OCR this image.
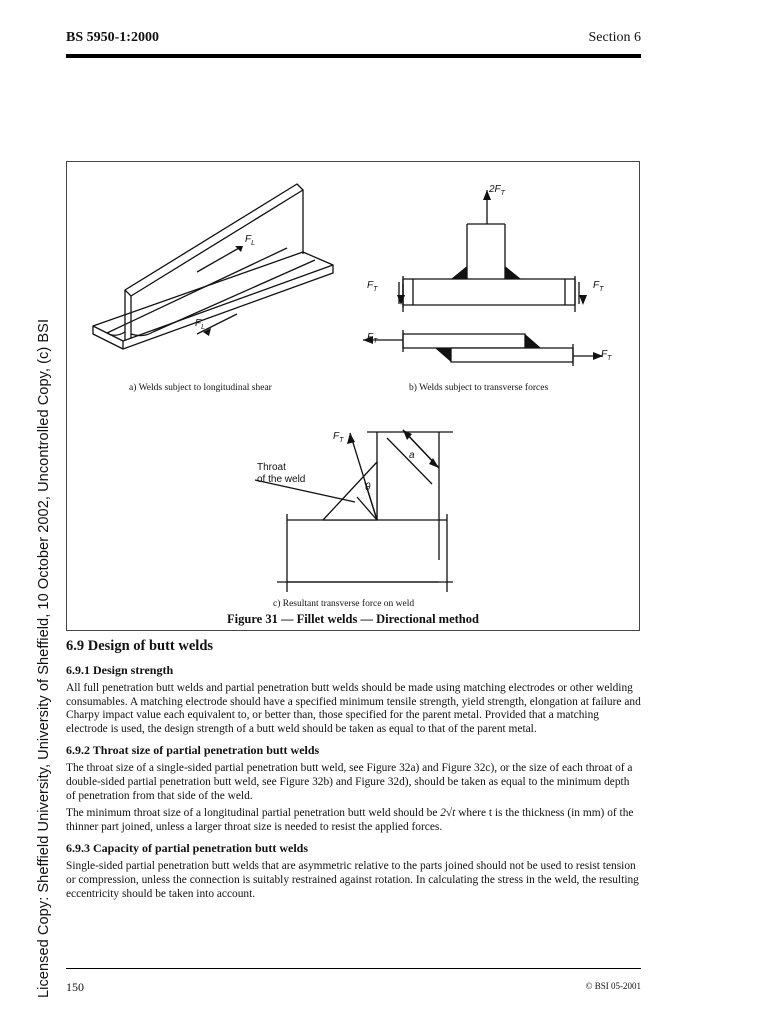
BS 5950-1:2000	Section 6
Licensed Copy: Sheffield University, University of Sheffield, 10 October 2002, Uncontrolled Copy, (c) BSI
$F_L$
$F_L$
$2F_T$
$F_T$	$F_T$
$F_T$
$F_T$
$F_T$
θ
a
Throat
of the weld
a) Welds subject to longitudinal shear	b) Welds subject to transverse forces
c) Resultant transverse force on weld
Figure 31 — Fillet welds — Directional method
6.9 Design of butt welds
6.9.1 Design strength

All full penetration butt welds and partial penetration butt welds should be made using matching electrodes or other welding consumables. A matching electrode should have a specified minimum tensile strength, yield strength, elongation at failure and Charpy impact value each equivalent to, or better than, those specified for the parent metal. Provided that a matching electrode is used, the design strength of a butt weld should be taken as equal to that of the parent metal.

6.9.2 Throat size of partial penetration butt welds

The throat size of a single-sided partial penetration butt weld, see Figure 32a) and Figure 32c), or the size of each throat of a double-sided partial penetration butt weld, see Figure 32b) and Figure 32d), should be taken as equal to the minimum depth of penetration from that side of the weld.

The minimum throat size of a longitudinal partial penetration butt weld should be 2√t where t is the thickness (in mm) of the thinner part joined, unless a larger throat size is needed to resist the applied forces.

6.9.3 Capacity of partial penetration butt welds

Single-sided partial penetration butt welds that are asymmetric relative to the parts joined should not be used to resist tension or compression, unless the connection is suitably restrained against rotation. In calculating the stress in the weld, the resulting eccentricity should be taken into account.

150	© BSI 05-2001
